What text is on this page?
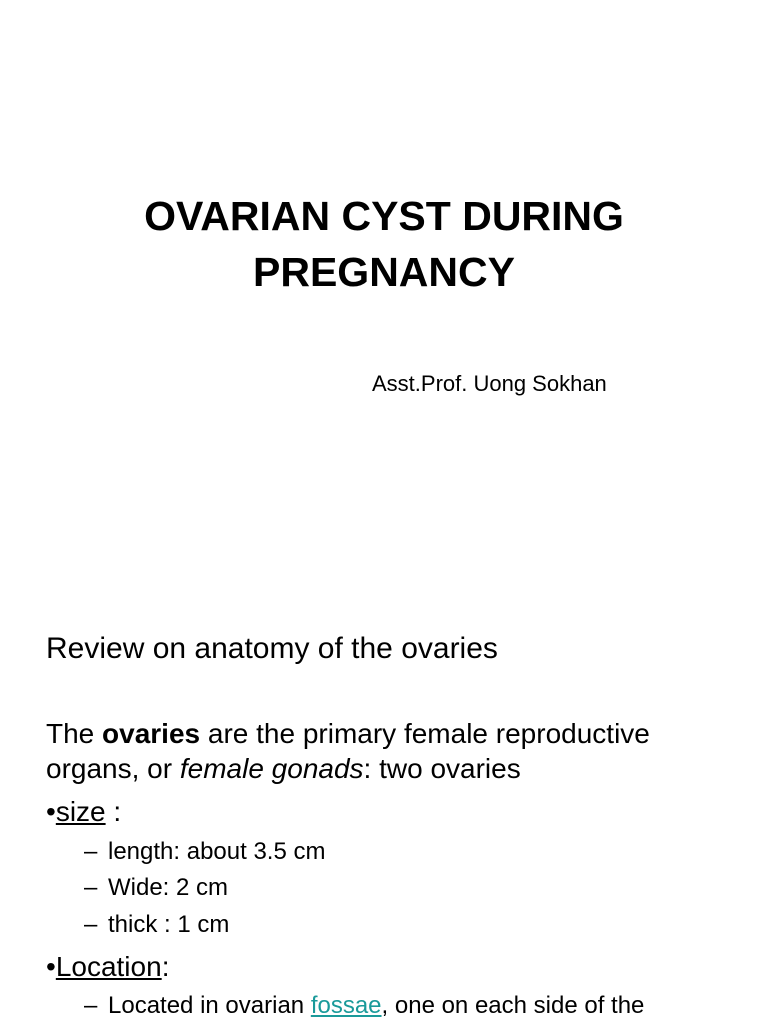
OVARIAN CYST DURING
PREGNANCY
Asst.Prof. Uong Sokhan
Review on anatomy of the ovaries

The ovaries are the primary female reproductive organs, or female gonads: two ovaries

•size :
– length: about 3.5 cm
– Wide: 2 cm
– thick : 1 cm
•Location:
– Located in ovarian fossae, one on each side of the
